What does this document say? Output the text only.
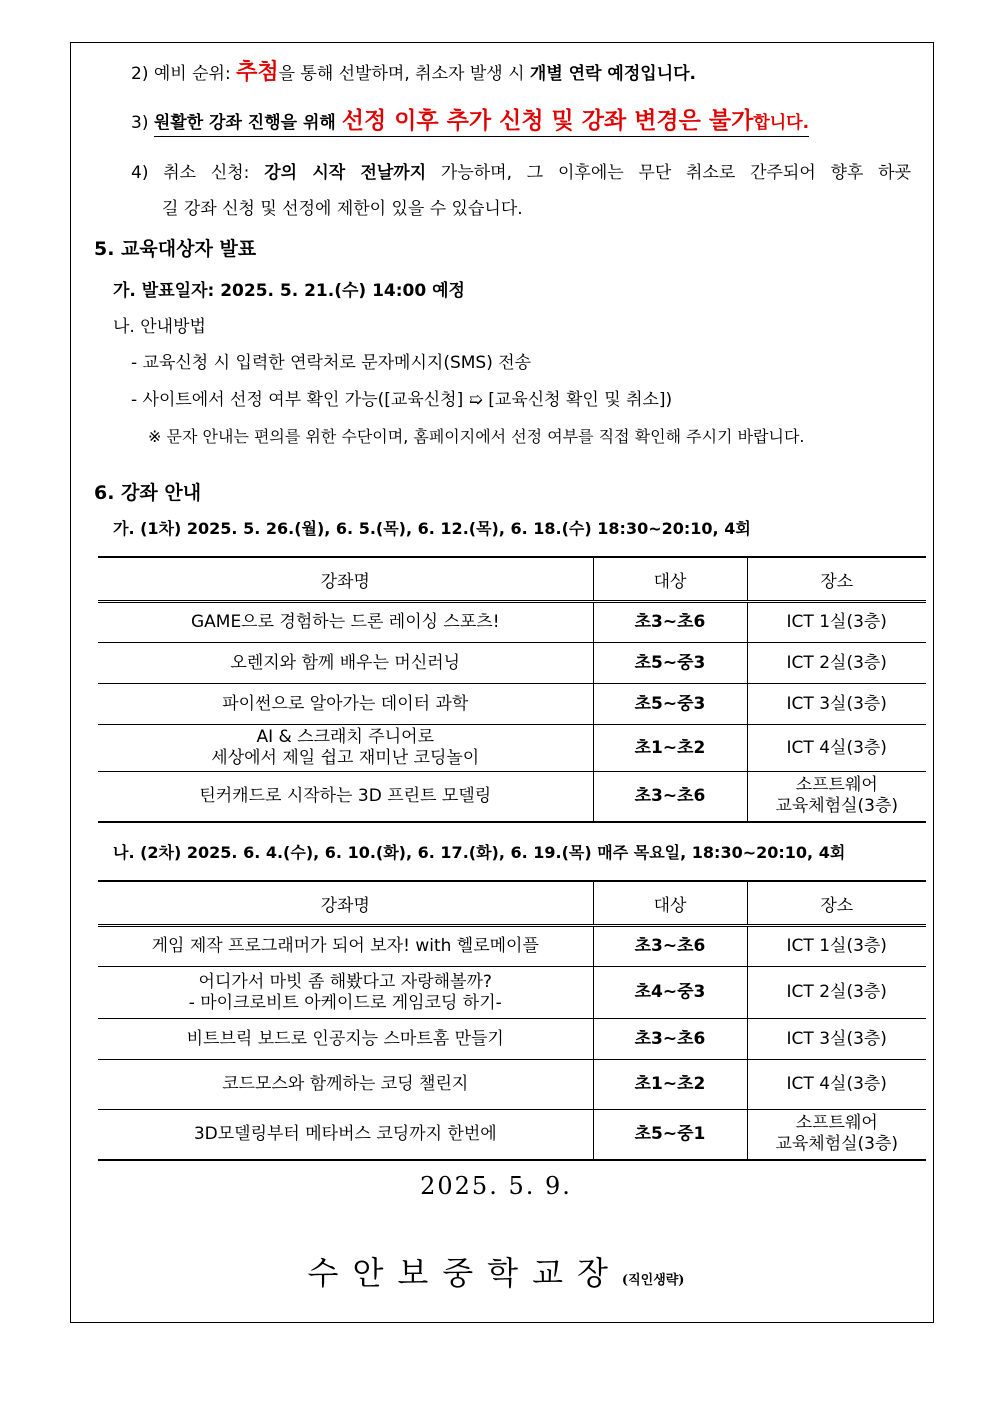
2) 예비 순위: 추첨을 통해 선발하며, 취소자 발생 시 개별 연락 예정입니다.
3) 원활한 강좌 진행을 위해 선정 이후 추가 신청 및 강좌 변경은 불가합니다.
4) 취소 신청: 강의 시작 전날까지 가능하며, 그 이후에는 무단 취소로 간주되어 향후 하굣
길 강좌 신청 및 선정에 제한이 있을 수 있습니다.
5. 교육대상자 발표
가. 발표일자: 2025. 5. 21.(수) 14:00 예정
나. 안내방법
- 교육신청 시 입력한 연락처로 문자메시지(SMS) 전송
- 사이트에서 선정 여부 확인 가능([교육신청] ➯ [교육신청 확인 및 취소])
※ 문자 안내는 편의를 위한 수단이며, 홈페이지에서 선정 여부를 직접 확인해 주시기 바랍니다.
6. 강좌 안내
가. (1차) 2025. 5. 26.(월), 6. 5.(목), 6. 12.(목), 6. 18.(수) 18:30~20:10, 4회
강좌명	대상	장소
GAME으로 경험하는 드론 레이싱 스포츠!	초3~초6	ICT 1실(3층)
오렌지와 함께 배우는 머신러닝	초5~중3	ICT 2실(3층)
파이썬으로 알아가는 데이터 과학	초5~중3	ICT 3실(3층)

AI & 스크래치 주니어로
세상에서 제일 쉽고 재미난 코딩놀이	초1~초2	ICT 4실(3층)
틴커캐드로 시작하는 3D 프린트 모델링	초3~초6	소프트웨어
교육체험실(3층)
나. (2차) 2025. 6. 4.(수), 6. 10.(화), 6. 17.(화), 6. 19.(목) 매주 목요일, 18:30~20:10, 4회
강좌명	대상	장소
게임 제작 프로그래머가 되어 보자! with 헬로메이플	초3~초6	ICT 1실(3층)

어디가서 마빗 좀 해봤다고 자랑해볼까?
- 마이크로비트 아케이드로 게임코딩 하기-	초4~중3	ICT 2실(3층)
비트브릭 보드로 인공지능 스마트홈 만들기	초3~초6	ICT 3실(3층)
코드모스와 함께하는 코딩 챌린지	초1~초2	ICT 4실(3층)
3D모델링부터 메타버스 코딩까지 한번에	초5~중1	소프트웨어
교육체험실(3층)
2025. 5. 9.
수안보중학교장(직인생략)
